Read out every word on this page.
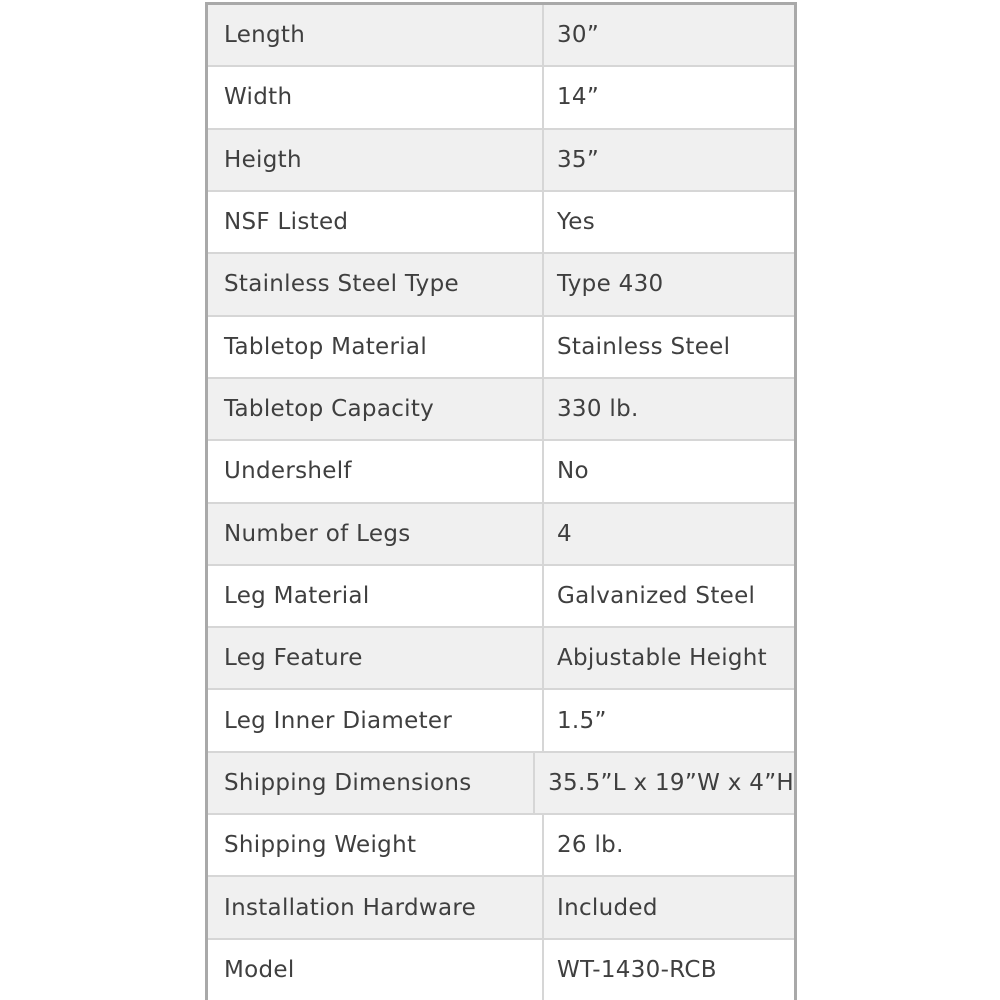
Length	30”
Width	14”
Heigth	35”
NSF Listed	Yes
Stainless Steel Type	Type 430
Tabletop Material	Stainless Steel
Tabletop Capacity	330 lb.
Undershelf	No
Number of Legs	4
Leg Material	Galvanized Steel
Leg Feature	Abjustable Height
Leg Inner Diameter	1.5”
Shipping Dimensions	35.5”L x 19”W x 4”H
Shipping Weight	26 lb.
Installation Hardware	Included
Model	WT-1430-RCB
